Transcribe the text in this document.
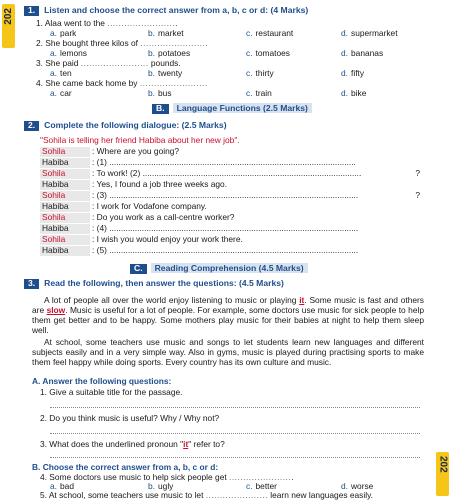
202
202
1. Listen and choose the correct answer from a, b, c or d: (4 Marks)
1. Alaa went to the .........................
a. park	b. market	c. restaurant	d. supermarket
2. She bought three kilos of ........................
a. lemons	b. potatoes	c. tomatoes	d. bananas
3. She paid ........................ pounds.
a. ten	b. twenty	c. thirty	d. fifty
4. She came back home by ........................
a. car	b. bus	c. train	d. bike
B. Language Functions (2.5 Marks)
2. Complete the following dialogue: (2.5 Marks)
"Sohila is telling her friend Habiba about her new job".
Sohila	: Where are you going?
Habiba	: (1) ..........................................................................................................
Sohila	: To work! (2) ..............................................................................................	?
Habiba	: Yes, I found a job three weeks ago.
Sohila	: (3) ...........................................................................................................	?
Habiba	: I work for Vodafone company.
Sohila	: Do you work as a call-centre worker?
Habiba	: (4) ...........................................................................................................
Sohila	: I wish you would enjoy your work there.
Habiba	: (5) ...........................................................................................................
C. Reading Comprehension (4.5 Marks)
3. Read the following, then answer the questions: (4.5 Marks)
A lot of people all over the world enjoy listening to music or playing it. Some music is fast and others are slow. Music is useful for a lot of people. For example, some doctors use music for sick people to help them get better and to be happy. Some mothers play music for their babies at night to help them sleep well.
At school, some teachers use music and songs to let students learn new languages and different subjects easily and in a very simple way. Also in gyms, music is played during practising sports to make them feel happy while doing sports. Every country has its own culture and music.
A. Answer the following questions:
1. Give a suitable title for the passage.
2. Do you think music is useful? Why / Why not?
3. What does the underlined pronoun "it" refer to?
B. Choose the correct answer from a, b, c or d:
4. Some doctors use music to help sick people get .......................
a. bad	b. ugly	c. better	d. worse
5. At school, some teachers use music to let ...................... learn new languages easily.
